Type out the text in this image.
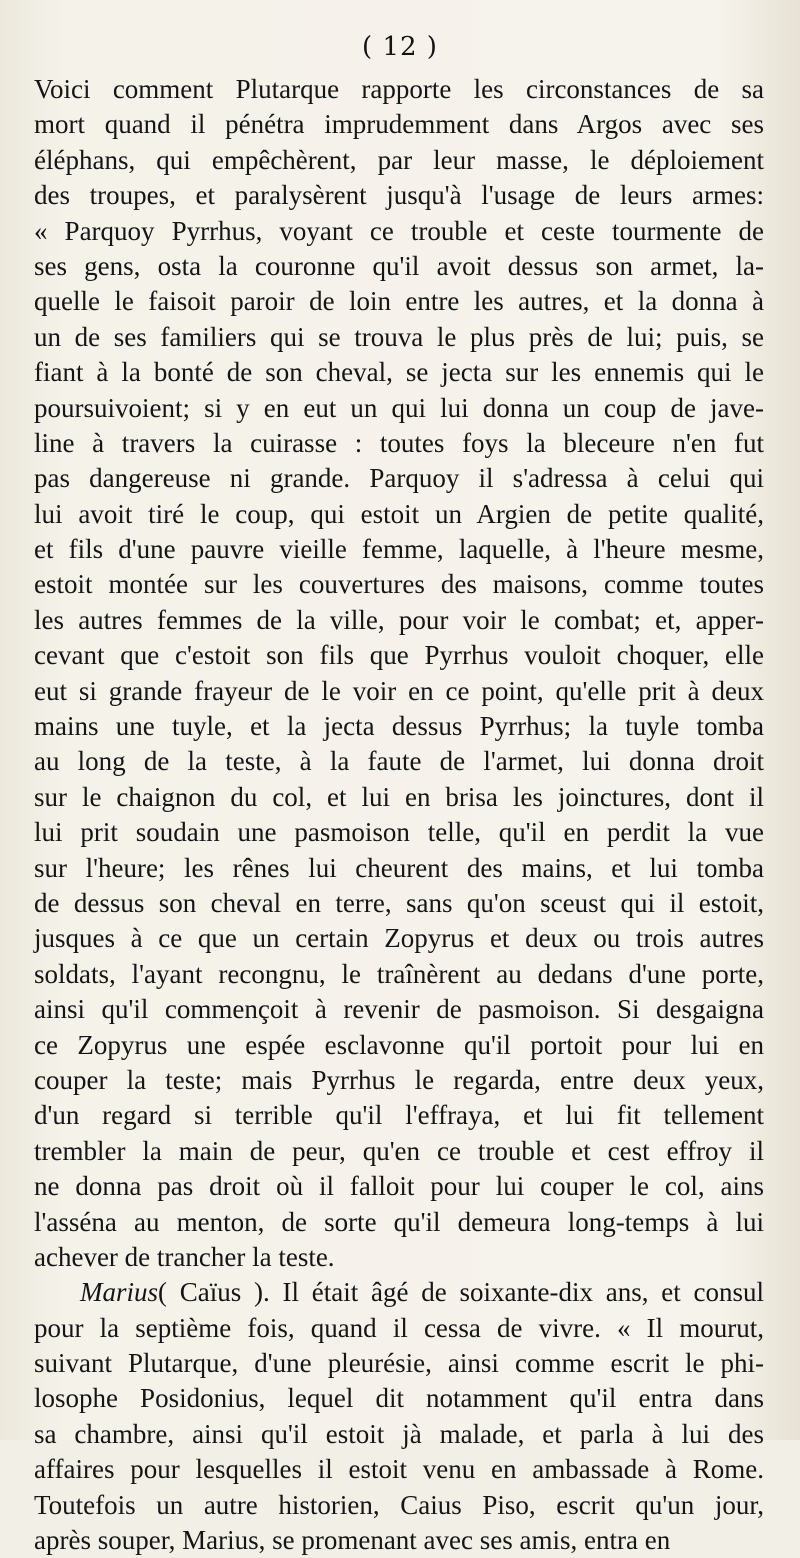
( 12 )
Voici comment Plutarque rapporte les circonstances de sa
mort quand il pénétra imprudemment dans Argos avec ses
éléphans, qui empêchèrent, par leur masse, le déploiement
des troupes, et paralysèrent jusqu'à l'usage de leurs armes:
« Parquoy Pyrrhus, voyant ce trouble et ceste tourmente de
ses gens, osta la couronne qu'il avoit dessus son armet, la-
quelle le faisoit paroir de loin entre les autres, et la donna à
un de ses familiers qui se trouva le plus près de lui; puis, se
fiant à la bonté de son cheval, se jecta sur les ennemis qui le
poursuivoient; si y en eut un qui lui donna un coup de jave-
line à travers la cuirasse : toutes foys la bleceure n'en fut
pas dangereuse ni grande. Parquoy il s'adressa à celui qui
lui avoit tiré le coup, qui estoit un Argien de petite qualité,
et fils d'une pauvre vieille femme, laquelle, à l'heure mesme,
estoit montée sur les couvertures des maisons, comme toutes
les autres femmes de la ville, pour voir le combat; et, apper-
cevant que c'estoit son fils que Pyrrhus vouloit choquer, elle
eut si grande frayeur de le voir en ce point, qu'elle prit à deux
mains une tuyle, et la jecta dessus Pyrrhus; la tuyle tomba
au long de la teste, à la faute de l'armet, lui donna droit
sur le chaignon du col, et lui en brisa les joinctures, dont il
lui prit soudain une pasmoison telle, qu'il en perdit la vue
sur l'heure; les rênes lui cheurent des mains, et lui tomba
de dessus son cheval en terre, sans qu'on sceust qui il estoit,
jusques à ce que un certain Zopyrus et deux ou trois autres
soldats, l'ayant recongnu, le traînèrent au dedans d'une porte,
ainsi qu'il commençoit à revenir de pasmoison. Si desgaigna
ce Zopyrus une espée esclavonne qu'il portoit pour lui en
couper la teste; mais Pyrrhus le regarda, entre deux yeux,
d'un regard si terrible qu'il l'effraya, et lui fit tellement
trembler la main de peur, qu'en ce trouble et cest effroy il
ne donna pas droit où il falloit pour lui couper le col, ains
l'asséna au menton, de sorte qu'il demeura long-temps à lui
achever de trancher la teste.
Marius( Caïus ). Il était âgé de soixante-dix ans, et consul
pour la septième fois, quand il cessa de vivre. « Il mourut,
suivant Plutarque, d'une pleurésie, ainsi comme escrit le phi-
losophe Posidonius, lequel dit notamment qu'il entra dans
sa chambre, ainsi qu'il estoit jà malade, et parla à lui des
affaires pour lesquelles il estoit venu en ambassade à Rome.
Toutefois un autre historien, Caius Piso, escrit qu'un jour,
après souper, Marius, se promenant avec ses amis, entra en
